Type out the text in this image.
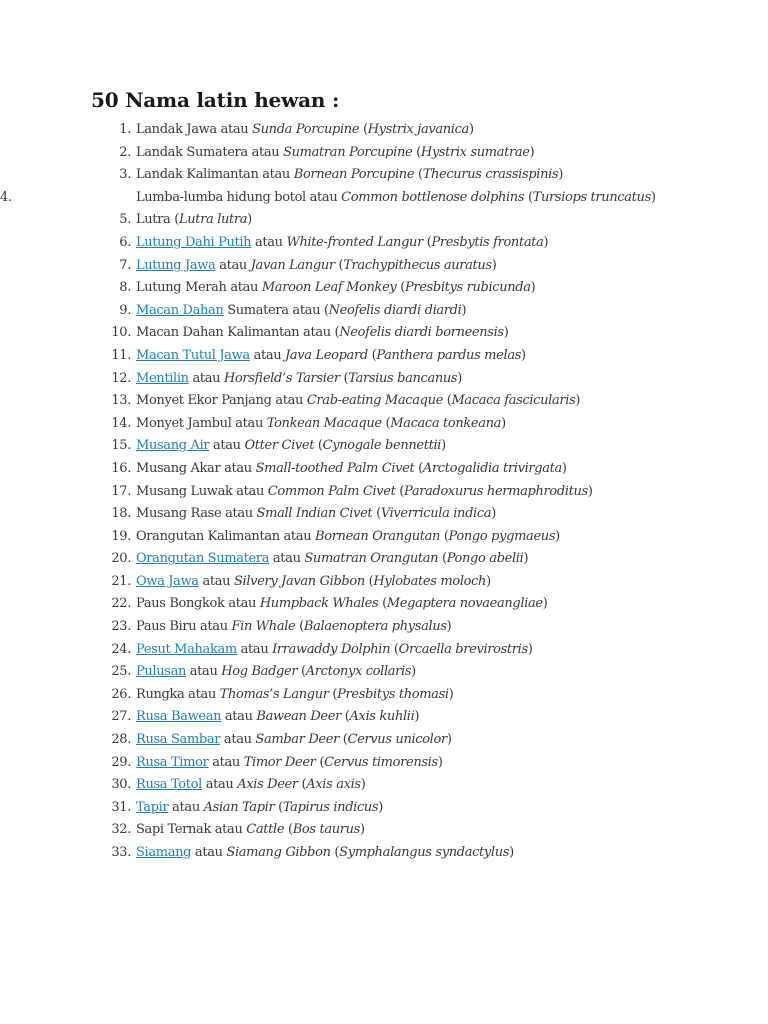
50 Nama latin hewan :
1. Landak Jawa atau Sunda Porcupine (Hystrix javanica)
2. Landak Sumatera atau Sumatran Porcupine (Hystrix sumatrae)
3. Landak Kalimantan atau Bornean Porcupine (Thecurus crassispinis)
4.	Lumba-lumba hidung botol atau Common bottlenose dolphins (Tursiops truncatus)
5. Lutra (Lutra lutra)
6. Lutung Dahi Putih atau White-fronted Langur (Presbytis frontata)
7. Lutung Jawa atau Javan Langur (Trachypithecus auratus)
8. Lutung Merah atau Maroon Leaf Monkey (Presbitys rubicunda)
9. Macan Dahan Sumatera atau (Neofelis diardi diardi)
10. Macan Dahan Kalimantan atau (Neofelis diardi borneensis)
11. Macan Tutul Jawa atau Java Leopard (Panthera pardus melas)
12. Mentilin atau Horsfield’s Tarsier (Tarsius bancanus)
13. Monyet Ekor Panjang atau Crab-eating Macaque (Macaca fascicularis)
14. Monyet Jambul atau Tonkean Macaque (Macaca tonkeana)
15. Musang Air atau Otter Civet (Cynogale bennettii)
16. Musang Akar atau Small-toothed Palm Civet (Arctogalidia trivirgata)
17. Musang Luwak atau Common Palm Civet (Paradoxurus hermaphroditus)
18. Musang Rase atau Small Indian Civet (Viverricula indica)
19. Orangutan Kalimantan atau Bornean Orangutan (Pongo pygmaeus)
20. Orangutan Sumatera atau Sumatran Orangutan (Pongo abelii)
21. Owa Jawa atau Silvery Javan Gibbon (Hylobates moloch)
22. Paus Bongkok atau Humpback Whales (Megaptera novaeangliae)
23. Paus Biru atau Fin Whale (Balaenoptera physalus)
24. Pesut Mahakam atau Irrawaddy Dolphin (Orcaella brevirostris)
25. Pulusan atau Hog Badger (Arctonyx collaris)
26. Rungka atau Thomas’s Langur (Presbitys thomasi)
27. Rusa Bawean atau Bawean Deer (Axis kuhlii)
28. Rusa Sambar atau Sambar Deer (Cervus unicolor)
29. Rusa Timor atau Timor Deer (Cervus timorensis)
30. Rusa Totol atau Axis Deer (Axis axis)
31. Tapir atau Asian Tapir (Tapirus indicus)
32. Sapi Ternak atau Cattle (Bos taurus)
33. Siamang atau Siamang Gibbon (Symphalangus syndactylus)
